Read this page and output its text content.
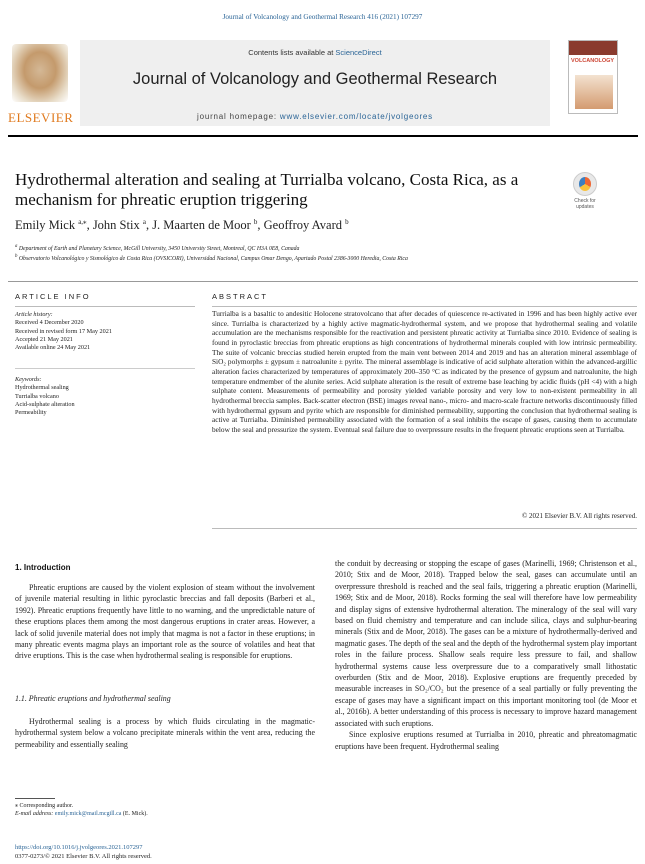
Journal of Volcanology and Geothermal Research 416 (2021) 107297
ELSEVIER
Contents lists available at ScienceDirect
Journal of Volcanology and Geothermal Research
journal homepage: www.elsevier.com/locate/jvolgeores
VOLCANOLOGY
Hydrothermal alteration and sealing at Turrialba volcano, Costa Rica, as a mechanism for phreatic eruption triggering	Check for updates
Emily Mick $^{a,⁎}$, John Stix $^a$, J. Maarten de Moor $^b$, Geoffroy Avard $^b$
$^a$ Department of Earth and Planetary Science, McGill University, 3450 University Street, Montreal, QC H3A 0E8, Canada
$^b$ Observatorio Volcanológico y Sismológico de Costa Rica (OVSICORI), Universidad Nacional, Campus Omar Dengo, Apartado Postal 2386-3000 Heredia, Costa Rica
ARTICLE INFO
Article history:
Received 4 December 2020
Received in revised form 17 May 2021
Accepted 21 May 2021
Available online 24 May 2021
Keywords:
Hydrothermal sealing
Turrialba volcano
Acid-sulphate alteration
Permeability
ABSTRACT
Turrialba is a basaltic to andesitic Holocene stratovolcano that after decades of quiescence re-activated in 1996 and has been highly active ever since. Turrialba is characterized by a highly active magmatic-hydrothermal system, and we propose that hydrothermal sealing and volatile accumulation are the mechanisms responsible for the reactivation and persistent phreatic activity at Turrialba since 2010. Evidence of sealing is found in pyroclastic breccias from phreatic eruptions as high concentrations of hydrothermal minerals coupled with low intrinsic permeability. The suite of volcanic breccias studied herein erupted from the main vent between 2014 and 2019 and has an alteration mineral assemblage of SiO₂ polymorphs ± gypsum ± natroalunite ± pyrite. The mineral assemblage is indicative of acid sulphate alteration within the advanced-argillic alteration facies characterized by temperatures of approximately 200–350 °C as indicated by the presence of gypsum and natroalunite, the high temperature endmember of the alunite series. Acid sulphate alteration is the result of extreme base leaching by acidic fluids (pH <4) with a high sulphate content. Measurements of permeability and porosity yielded variable porosity and very low to non-existent permeability in all hydrothermal breccia samples. Back-scatter electron (BSE) images reveal nano-, micro- and macro-scale fracture networks discontinuously filled with hydrothermal gypsum and pyrite which are responsible for diminished permeability, supporting the conclusion that hydrothermal sealing is active at Turrialba. Diminished permeability associated with the formation of a seal inhibits the escape of gases, causing them to accumulate below the seal and pressurize the system. Eventual seal failure due to overpressure results in the frequent phreatic eruptions seen at Turrialba.
© 2021 Elsevier B.V. All rights reserved.
1. Introduction

Phreatic eruptions are caused by the violent explosion of steam without the involvement of juvenile material resulting in lithic pyroclastic breccias and fall deposits (Barberi et al., 1992). Phreatic eruptions frequently have little to no warning, and the unpredictable nature of these eruptions places them among the most dangerous eruptions in crater areas. However, a lack of solid juvenile material does not imply that magma is not a factor in these eruptions; in many phreatic events magma plays an important role as the source of volatiles and heat that drive eruptions. This is the case when hydrothermal sealing is responsible for eruptions.

1.1. Phreatic eruptions and hydrothermal sealing

Hydrothermal sealing is a process by which fluids circulating in the magmatic-hydrothermal system below a volcano precipitate minerals within the vent area, reducing the permeability and essentially sealing

the conduit by decreasing or stopping the escape of gases (Marinelli, 1969; Christenson et al., 2010; Stix and de Moor, 2018). Trapped below the seal, gases can accumulate until an overpressure threshold is reached and the seal fails, triggering a phreatic eruption (Marinelli, 1969; Stix and de Moor, 2018). Rocks forming the seal will therefore have low permeability and display signs of extensive hydrothermal alteration. The mineralogy of the seal will vary based on fluid chemistry and temperature and can include silica, clays and sulphur-bearing minerals (Stix and de Moor, 2018). The gases can be a mixture of hydrothermally-derived and magmatic gases. The depth of the seal and the depth of the hydrothermal system play important roles in the failure process. Shallow seals require less pressure to fail, and shallow hydrothermal systems cause less overpressure due to a comparatively small lithostatic overburden (Stix and de Moor, 2018). Explosive eruptions are frequently preceded by measurable increases in SO₂/CO₂ but the presence of a seal partially or fully preventing the escape of gases may have a significant impact on this important monitoring tool (de Moor et al., 2016b). A better understanding of this process is necessary to improve hazard management associated with such eruptions.

Since explosive eruptions resumed at Turrialba in 2010, phreatic and phreatomagmatic eruptions have been frequent. Hydrothermal sealing

⁎ Corresponding author.
E-mail address: emily.mick@mail.mcgill.ca (E. Mick).
https://doi.org/10.1016/j.jvolgeores.2021.107297
0377-0273/© 2021 Elsevier B.V. All rights reserved.
